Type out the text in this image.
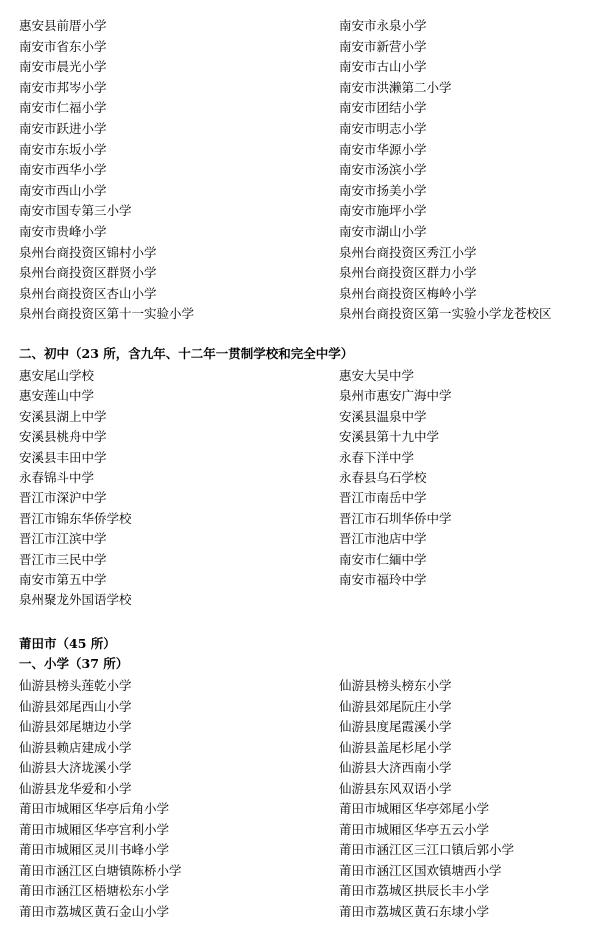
惠安县前厝小学	南安市永泉小学
南安市省东小学	南安市新营小学
南安市晨光小学	南安市古山小学
南安市邦岑小学	南安市洪濑第二小学
南安市仁福小学	南安市团结小学
南安市跃进小学	南安市明志小学
南安市东坂小学	南安市华源小学
南安市西华小学	南安市汤滨小学
南安市西山小学	南安市扬美小学
南安市国专第三小学	南安市施坪小学
南安市贵峰小学	南安市湖山小学
泉州台商投资区锦村小学	泉州台商投资区秀江小学
泉州台商投资区群贤小学	泉州台商投资区群力小学
泉州台商投资区杏山小学	泉州台商投资区梅岭小学
泉州台商投资区第十一实验小学	泉州台商投资区第一实验小学龙苍校区
二、初中（23 所，含九年、十二年一贯制学校和完全中学）
惠安尾山学校	惠安大吴中学
惠安莲山中学	泉州市惠安广海中学
安溪县湖上中学	安溪县温泉中学
安溪县桃舟中学	安溪县第十九中学
安溪县丰田中学	永春下洋中学
永春锦斗中学	永春县乌石学校
晋江市深沪中学	晋江市南岳中学
晋江市锦东华侨学校	晋江市石圳华侨中学
晋江市江滨中学	晋江市池店中学
晋江市三民中学	南安市仁緬中学
南安市第五中学	南安市福玲中学
泉州聚龙外国语学校
莆田市（45 所）
一、小学（37 所）
仙游县榜头莲乾小学	仙游县榜头榜东小学
仙游县郊尾西山小学	仙游县郊尾阮庄小学
仙游县郊尾塘边小学	仙游县度尾霞溪小学
仙游县赖店建成小学	仙游县盖尾杉尾小学
仙游县大济垅溪小学	仙游县大济西南小学
仙游县龙华爱和小学	仙游县东风双语小学
莆田市城厢区华亭后角小学	莆田市城厢区华亭郊尾小学
莆田市城厢区华亭宫利小学	莆田市城厢区华亭五云小学
莆田市城厢区灵川书峰小学	莆田市涵江区三江口镇后郭小学
莆田市涵江区白塘镇陈桥小学	莆田市涵江区国欢镇塘西小学
莆田市涵江区梧塘松东小学	莆田市荔城区拱辰长丰小学
莆田市荔城区黄石金山小学	莆田市荔城区黄石东埭小学
